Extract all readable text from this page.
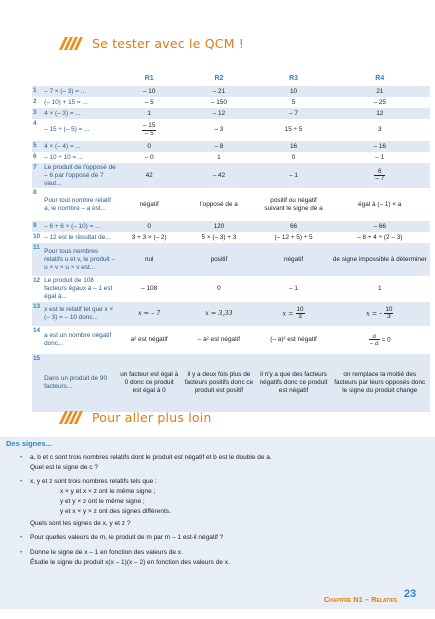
Se tester avec le QCM !
		R1	R2	R3	R4
1	– 7 × (– 3) = ...	– 10	– 21	10	21
2	(– 10) + 15 = ...	– 5	– 150	5	– 25
3	4 × (– 3) = ...	1	– 12	– 7	12
4	– 15 ÷ (– 5) = ...	$\frac{- 15}{- 5}$	– 3	15 ÷ 5	3
5	4 × (– 4) = ...	0	– 8	16	– 16
6	– 10 ÷ 10 = ...	– 0	1	0	– 1
7	Le produit de l'opposé de – 6 par l'opposé de 7 vaut...	42	– 42	– 1	$\frac{6}{- 7}$

8	Pour tout nombre relatif a, le nombre – a est...	négatif	l'opposé de a	positif ou négatif suivant le signe de a	égal à (– 1) × a
9	– 6 + 6 × (– 10) = ...	0	120	66	– 66
10	– 12 est le résultat de...	3 + 3 × (– 2)	5 × (– 3) + 3	(– 12 + 5) ÷ 5	– 8 + 4 ÷ (2 – 3)
11	Pour tous nombres relatifs u et v, le produit – u × v × u × v est...	nul	positif	négatif	de signe impossible à déterminer
12	Le produit de 108 facteurs égaux à – 1 est égal à...	– 108	0	– 1	1
13	x est le relatif tel que x × (– 3) = – 10 donc...	x = – 7	x = 3,33	$x = \frac{10}{3}$	x = – $\frac{10}{3}$

14	a est un nombre négatif donc...	a² est négatif	– a² est négatif	(– a)² est négatif	$\frac{a}{- a} = 0$
15	Dans un produit de 90 facteurs...	un facteur est égal à 0 donc ce produit est égal à 0	il y a deux fois plus de facteurs positifs donc ce produit est positif	il n'y a que des facteurs négatifs donc ce produit est négatif	on remplace la moitié des facteurs par leurs opposés donc le signe du produit change
Pour aller plus loin
Des signes...
• a, b et c sont trois nombres relatifs dont le produit est négatif et b est le double de a.
Quel est le signe de c ?
• x, y et z sont trois nombres relatifs tels que :
x × y et x × z ont le même signe ;
y et y × z ont le même signe ;
y et x × y × z ont des signes différents.
Quels sont les signes de x, y et z ?
• Pour quelles valeurs de m, le produit de m par m – 1 est-il négatif ?
• Donne le signe de x – 1 en fonction des valeurs de x.
Étudie le signe du produit x(x – 1)(x – 2) en fonction des valeurs de x.
Chapitre N1 – Relatifs 23
